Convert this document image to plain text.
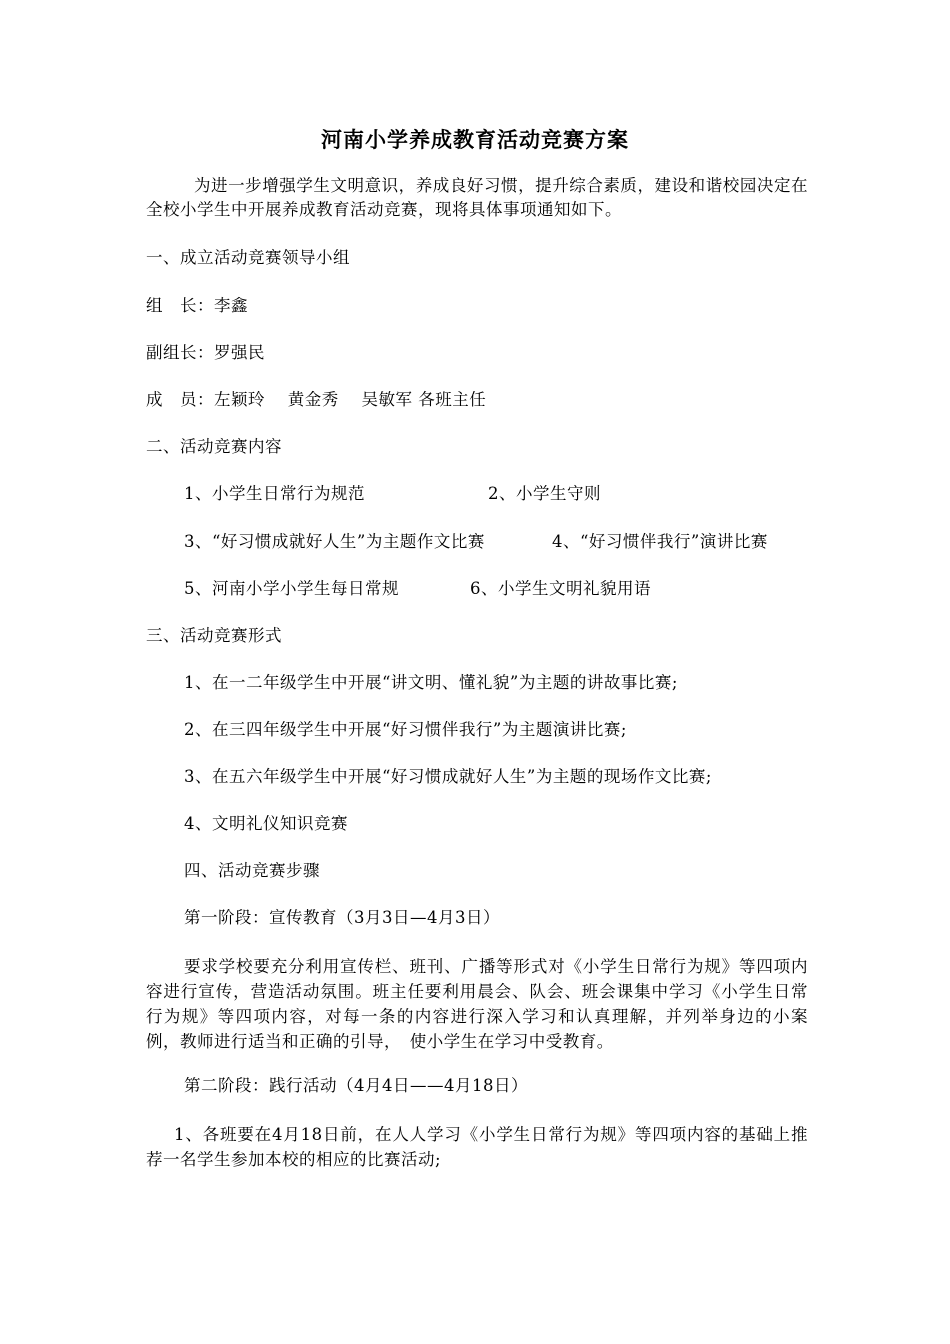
河南小学养成教育活动竞赛方案
为进一步增强学生文明意识，养成良好习惯，提升综合素质，建设和谐校园决定在全校小学生中开展养成教育活动竞赛，现将具体事项通知如下。
一、成立活动竞赛领导小组
组　长：李鑫
副组长：罗强民
成　员：左颖玲　 黄金秀　 吴敏军 各班主任
二、活动竞赛内容
1、小学生日常行为规范	2、小学生守则
3、“好习惯成就好人生”为主题作文比赛	4、“好习惯伴我行”演讲比赛
5、河南小学小学生每日常规	6、小学生文明礼貌用语
三、活动竞赛形式
1、在一二年级学生中开展“讲文明、懂礼貌”为主题的讲故事比赛;
2、在三四年级学生中开展“好习惯伴我行”为主题演讲比赛;
3、在五六年级学生中开展“好习惯成就好人生”为主题的现场作文比赛;
4、文明礼仪知识竞赛
四、活动竞赛步骤
第一阶段：宣传教育（3月3日—4月3日）
要求学校要充分利用宣传栏、班刊、广播等形式对《小学生日常行为规》等四项内容进行宣传，营造活动氛围。班主任要利用晨会、队会、班会课集中学习《小学生日常行为规》等四项内容，对每一条的内容进行深入学习和认真理解，并列举身边的小案例，教师进行适当和正确的引导，　使小学生在学习中受教育。
第二阶段：践行活动（4月4日——4月18日）
1、各班要在4月18日前，在人人学习《小学生日常行为规》等四项内容的基础上推荐一名学生参加本校的相应的比赛活动;
